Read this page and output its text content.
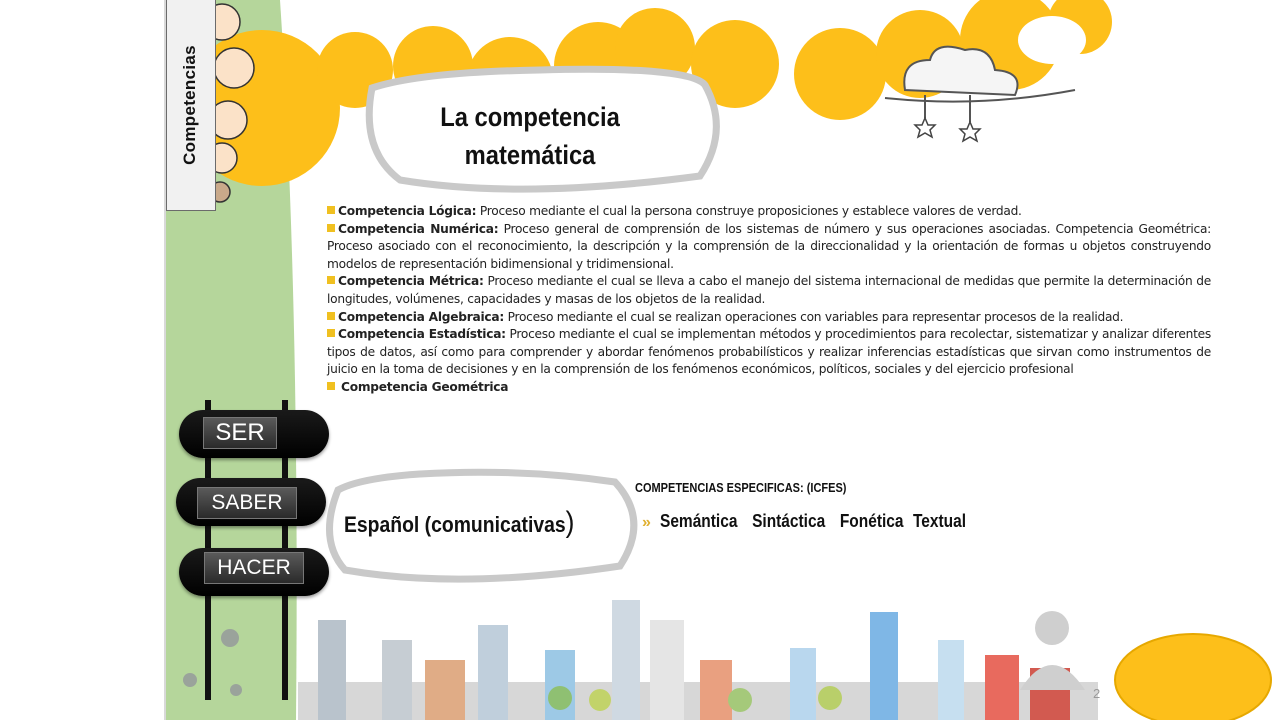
Competencias	La competencia matemática

Competencia Lógica: Proceso mediante el cual la persona construye proposiciones y establece valores de verdad.

Competencia Numérica: Proceso general de comprensión de los sistemas de número y sus operaciones asociadas. Competencia Geométrica: Proceso asociado con el reconocimiento, la descripción y la comprensión de la direccionalidad y la orientación de formas u objetos construyendo modelos de representación bidimensional y tridimensional.

Competencia Métrica: Proceso mediante el cual se lleva a cabo el manejo del sistema internacional de medidas que permite la determinación de longitudes, volúmenes, capacidades y masas de los objetos de la realidad.

Competencia Algebraica: Proceso mediante el cual se realizan operaciones con variables para representar procesos de la realidad.

Competencia Estadística: Proceso mediante el cual se implementan métodos y procedimientos para recolectar, sistematizar y analizar diferentes tipos de datos, así como para comprender y abordar fenómenos probabilísticos y realizar inferencias estadísticas que sirvan como instrumentos de juicio en la toma de decisiones y en la comprensión de los fenómenos económicos, políticos, sociales y del ejercicio profesional

Competencia Geométrica

SER
SABER
HACER
Español (comunicativas)
COMPETENCIAS ESPECIFICAS: (ICFES)
» Semántica Sintáctica Fonética Textual
2
